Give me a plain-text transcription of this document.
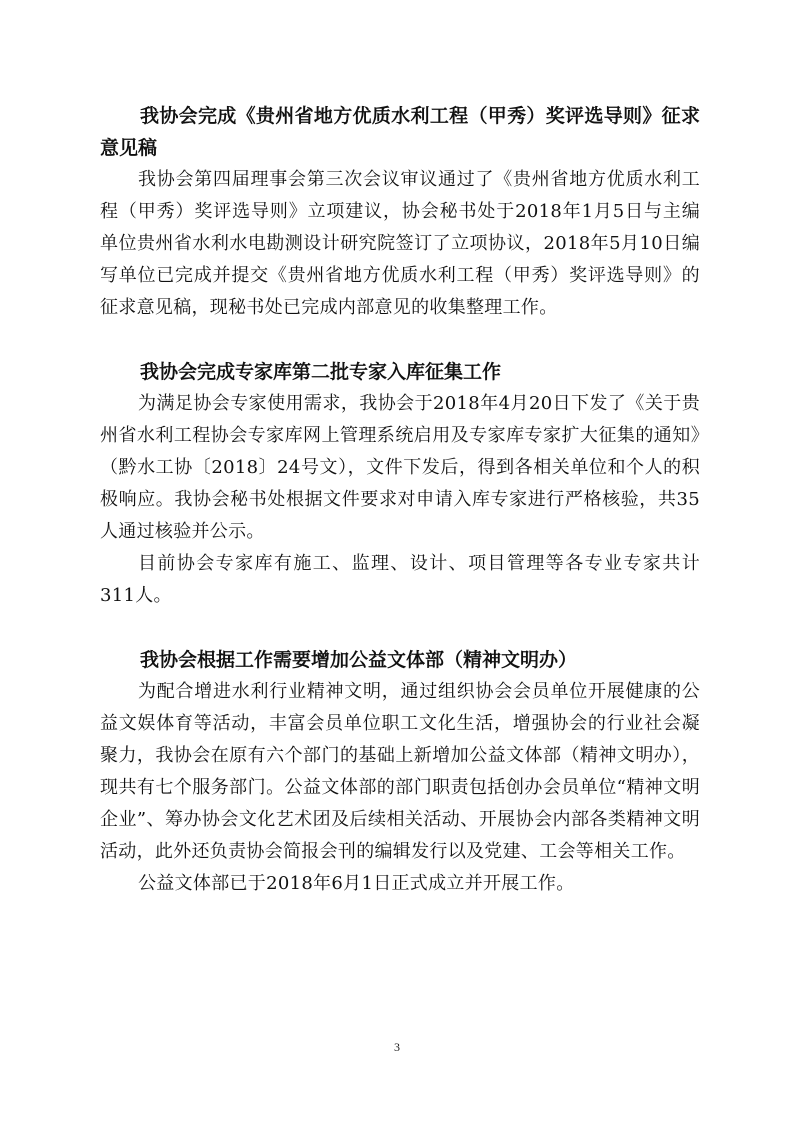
我协会完成《贵州省地方优质水利工程（甲秀）奖评选导则》征求意见稿

我协会第四届理事会第三次会议审议通过了《贵州省地方优质水利工程（甲秀）奖评选导则》立项建议，协会秘书处于2018年1月5日与主编单位贵州省水利水电勘测设计研究院签订了立项协议，2018年5月10日编写单位已完成并提交《贵州省地方优质水利工程（甲秀）奖评选导则》的征求意见稿，现秘书处已完成内部意见的收集整理工作。

我协会完成专家库第二批专家入库征集工作

为满足协会专家使用需求，我协会于2018年4月20日下发了《关于贵州省水利工程协会专家库网上管理系统启用及专家库专家扩大征集的通知》（黔水工协〔2018〕24号文），文件下发后，得到各相关单位和个人的积极响应。我协会秘书处根据文件要求对申请入库专家进行严格核验，共35人通过核验并公示。

目前协会专家库有施工、监理、设计、项目管理等各专业专家共计311人。

我协会根据工作需要增加公益文体部（精神文明办）

为配合增进水利行业精神文明，通过组织协会会员单位开展健康的公益文娱体育等活动，丰富会员单位职工文化生活，增强协会的行业社会凝聚力，我协会在原有六个部门的基础上新增加公益文体部（精神文明办），现共有七个服务部门。公益文体部的部门职责包括创办会员单位“精神文明企业”、筹办协会文化艺术团及后续相关活动、开展协会内部各类精神文明活动，此外还负责协会简报会刊的编辑发行以及党建、工会等相关工作。

公益文体部已于2018年6月1日正式成立并开展工作。

3
